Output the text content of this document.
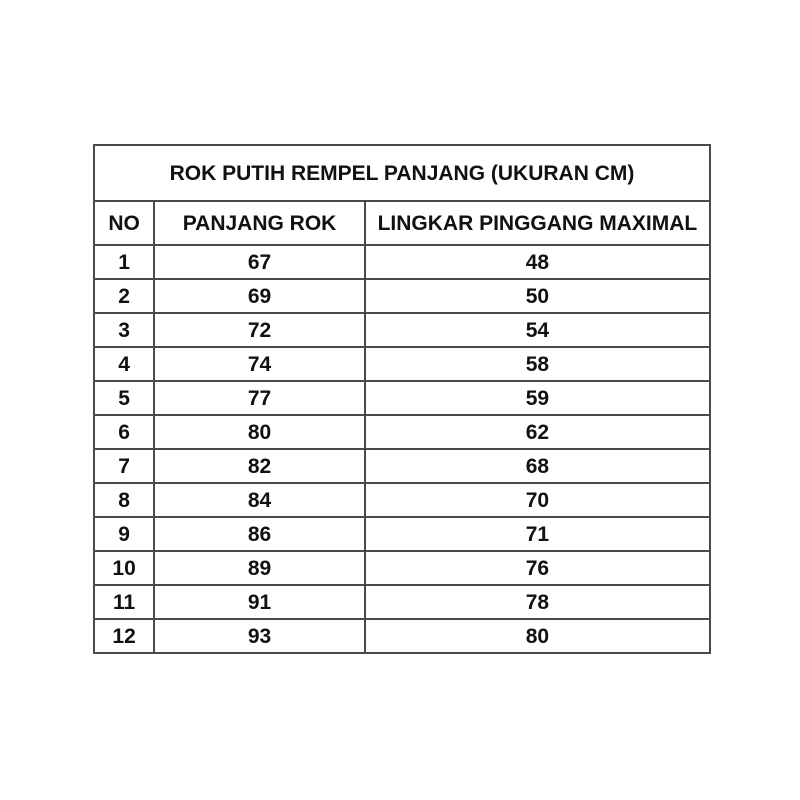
ROK PUTIH REMPEL PANJANG (UKURAN CM)		
NO	PANJANG ROK	LINGKAR PINGGANG MAXIMAL
1	67	48
2	69	50
3	72	54
4	74	58
5	77	59
6	80	62
7	82	68
8	84	70
9	86	71
10	89	76
11	91	78
12	93	80
